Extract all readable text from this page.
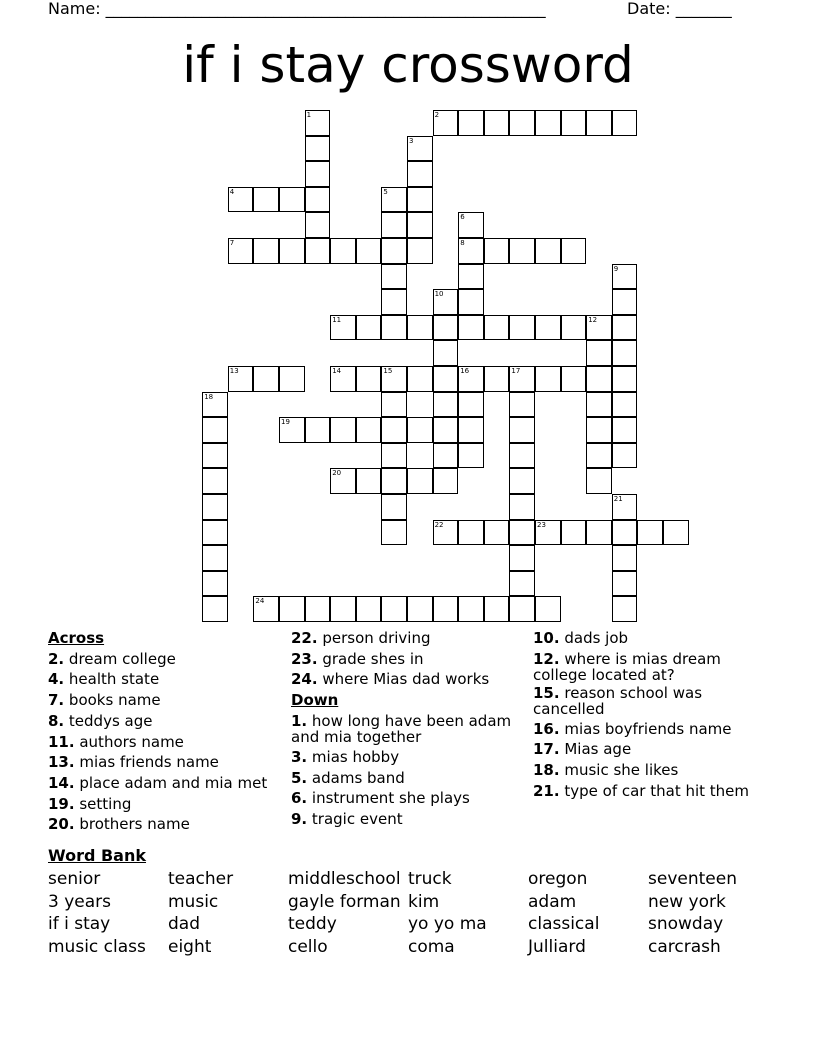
Name: _______________________________________________________	Date: _______
if i stay crossword
2
4
7	8
11
13	14
19
20
22	23
24
1
3
5
6
9
10
12
15	16	17
18
21
Across
2. dream college
4. health state
7. books name
8. teddys age
11. authors name
13. mias friends name
14. place adam and mia met
19. setting
20. brothers name
22. person driving
23. grade shes in
24. where Mias dad works
Down
1. how long have been adam and mia together
3. mias hobby
5. adams band
6. instrument she plays
9. tragic event
10. dads job
12. where is mias dream college located at?
15. reason school was cancelled
16. mias boyfriends name
17. Mias age
18. music she likes
21. type of car that hit them
Word Bank
senior
3 years
if i stay
music class
teacher
music
dad
eight
middleschool
gayle forman
teddy
cello
truck
kim
yo yo ma
coma
oregon
adam
classical
Julliard
seventeen
new york
snowday
carcrash
